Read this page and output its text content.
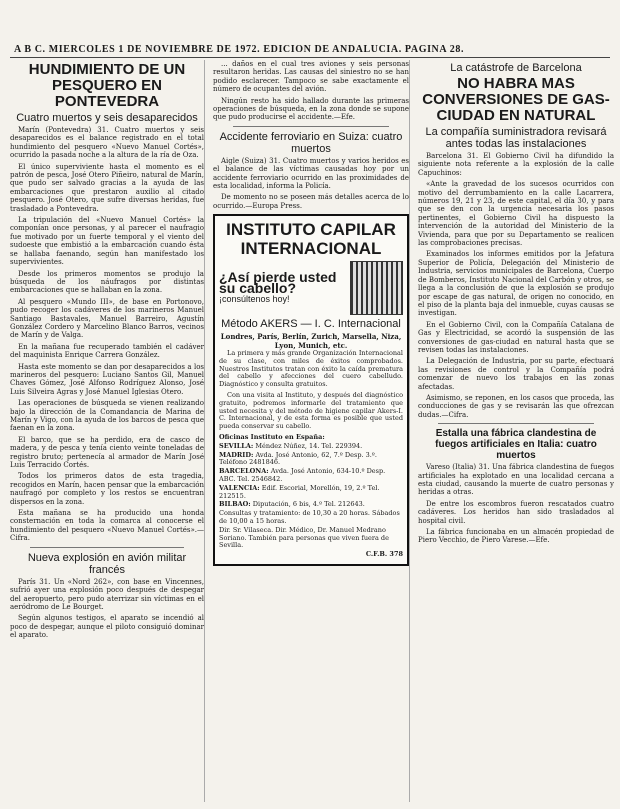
A B C. MIERCOLES 1 DE NOVIEMBRE DE 1972. EDICION DE ANDALUCIA. PAGINA 28.
HUNDIMIENTO DE UN PESQUERO EN PONTEVEDRA
Cuatro muertos y seis desaparecidos

Marín (Pontevedra) 31. Cuatro muertos y seis desaparecidos es el balance registrado en el total hundimiento del pesquero «Nuevo Manuel Cortés», ocurrido la pasada noche a la altura de la ría de Oza.

El único superviviente hasta el momento es el patrón de pesca, José Otero Piñeiro, natural de Marín, que pudo ser salvado gracias a la ayuda de las embarcaciones que prestaron auxilio al citado pesquero. José Otero, que sufre diversas heridas, fue trasladado a Pontevedra.

La tripulación del «Nuevo Manuel Cortés» la componían once personas, y al parecer el naufragio fue motivado por un fuerte temporal y el viento del sudoeste que embistió a la embarcación cuando ésta se hallaba faenando, según han manifestado los supervivientes.

Desde los primeros momentos se produjo la búsqueda de los náufragos por distintas embarcaciones que se hallaban en la zona.

Al pesquero «Mundo III», de base en Portonovo, pudo recoger los cadáveres de los marineros Manuel Santiago Bastavales, Manuel Barreiro, Agustín González Cordero y Marcelino Blanco Barros, vecinos de Marín y de Valga.

En la mañana fue recuperado también el cadáver del maquinista Enrique Carrera González.

Hasta este momento se dan por desaparecidos a los marineros del pesquero: Luciano Santos Gil, Manuel Chaves Gómez, José Alfonso Rodríguez Alonso, José Luis Silveira Agras y José Manuel Iglesias Otero.

Las operaciones de búsqueda se vienen realizando bajo la dirección de la Comandancia de Marina de Marín y Vigo, con la ayuda de los barcos de pesca que faenan en la zona.

El barco, que se ha perdido, era de casco de madera, y de pesca y tenía ciento veinte toneladas de registro bruto; pertenecía al armador de Marín José Luis Terracido Cortés.

Todos los primeros datos de esta tragedia, recogidos en Marín, hacen pensar que la embarcación naufragó por completo y los restos se encuentran dispersos en la zona.

Esta mañana se ha producido una honda consternación en toda la comarca al conocerse el hundimiento del pesquero «Nuevo Manuel Cortés».—Cifra.

Nueva explosión en avión militar francés

París 31. Un «Nord 262», con base en Vincennes, sufrió ayer una explosión poco después de despegar del aeropuerto, pero pudo aterrizar sin víctimas en el aeródromo de Le Bourget.

Según algunos testigos, el aparato se incendió al poco de despegar, aunque el piloto consiguió dominar el aparato.

... daños en el cual tres aviones y seis personas resultaron heridas. Las causas del siniestro no se han podido esclarecer. Tampoco se sabe exactamente el número de ocupantes del avión.

Ningún resto ha sido hallado durante las primeras operaciones de búsqueda, en la zona donde se supone que pudo producirse el accidente.—Efe.

Accidente ferroviario en Suiza: cuatro muertos

Aigle (Suiza) 31. Cuatro muertos y varios heridos es el balance de las víctimas causadas hoy por un accidente ferroviario ocurrido en las proximidades de esta localidad, informa la Policía.

De momento no se poseen más detalles acerca de lo ocurrido.—Europa Press.

INSTITUTO CAPILAR INTERNACIONAL
¿Así pierde usted su cabello?
¡consúltenos hoy!
Método AKERS — I. C. Internacional
Londres, París, Berlín, Zurich, Marsella, Niza, Lyon, Munich, etc.

La primera y más grande Organización Internacional de su clase, con miles de éxitos comprobados. Nuestros Institutos tratan con éxito la caída prematura del cabello y afecciones del cuero cabelludo. Diagnóstico y consulta gratuitos.

Con una visita al Instituto, y después del diagnóstico gratuito, podremos informarle del tratamiento que usted necesita y del método de higiene capilar Akers-I. C. Internacional, y de esta forma es posible que usted pueda conservar su cabello.

Oficinas Instituto en España:
SEVILLA: Méndez Núñez, 14. Tel. 229394.
MADRID: Avda. José Antonio, 62, 7.º Desp. 3.º. Teléfono 2481846.
BARCELONA: Avda. José Antonio, 634-10.º Desp. ABC. Tel. 2546842.
VALENCIA: Edif. Escorial, Morellón, 19, 2.º Tel. 212515.
BILBAO: Diputación, 6 bis, 4.º Tel. 212643.
Consultas y tratamiento: de 10,30 a 20 horas. Sábados de 10,00 a 15 horas.
Dir. Sr. Vilaseca. Dir. Médico, Dr. Manuel Medrano Soriano. También para personas que viven fuera de Sevilla.
C.F.B. 378
La catástrofe de Barcelona
NO HABRA MAS CONVERSIONES DE GAS-CIUDAD EN NATURAL
La compañía suministradora revisará antes todas las instalaciones

Barcelona 31. El Gobierno Civil ha difundido la siguiente nota referente a la explosión de la calle Capuchinos:

«Ante la gravedad de los sucesos ocurridos con motivo del derrumbamiento en la calle Lacarrera, números 19, 21 y 23, de este capital, el día 30, y para que se den con la urgencia necesaria los pasos pertinentes, el Gobierno Civil ha dispuesto la intervención de la autoridad del Ministerio de la Vivienda, para que por su Departamento se realicen las comprobaciones precisas.

Examinados los informes emitidos por la Jefatura Superior de Policía, Delegación del Ministerio de Industria, servicios municipales de Barcelona, Cuerpo de Bomberos, Instituto Nacional del Carbón y otros, se llega a la conclusión de que la explosión se produjo por escape de gas natural, de origen no conocido, en el piso de la planta baja del inmueble, cuyas causas se investigan.

En el Gobierno Civil, con la Compañía Catalana de Gas y Electricidad, se acordó la suspensión de las conversiones de gas-ciudad en natural hasta que se revisen todas las instalaciones.

La Delegación de Industria, por su parte, efectuará las revisiones de control y la Compañía podrá comenzar de nuevo los trabajos en las zonas afectadas.

Asimismo, se reponen, en los casos que proceda, las conducciones de gas y se revisarán las que ofrezcan dudas.—Cifra.

Estalla una fábrica clandestina de fuegos artificiales en Italia: cuatro muertos

Vareso (Italia) 31. Una fábrica clandestina de fuegos artificiales ha explotado en una localidad cercana a esta ciudad, causando la muerte de cuatro personas y heridas a otras.

De entre los escombros fueron rescatados cuatro cadáveres. Los heridos han sido trasladados al hospital civil.

La fábrica funcionaba en un almacén propiedad de Piero Vecchio, de Piero Varese.—Efe.
